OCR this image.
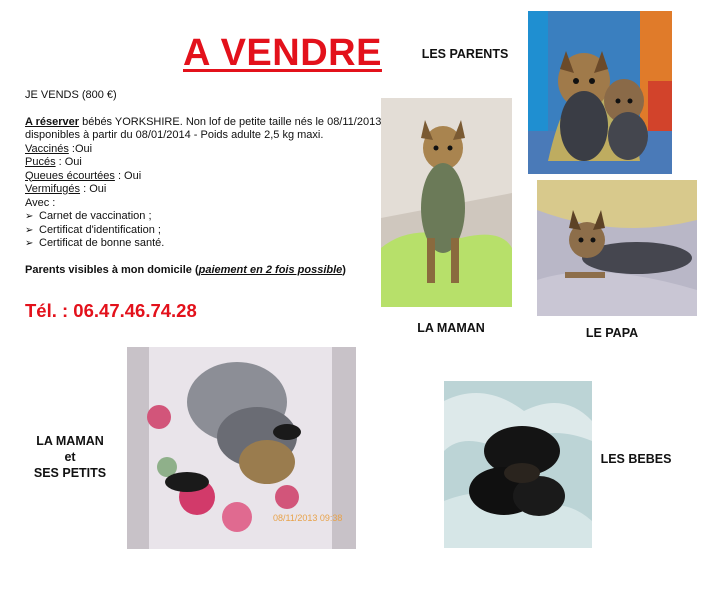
A VENDRE
JE VENDS (800 €)
A réserver bébés YORKSHIRE. Non lof de petite taille nés le 08/11/2013
disponibles à partir du 08/01/2014 - Poids adulte 2,5 kg maxi.
Vaccinés :Oui
Pucés : Oui
Queues écourtées : Oui
Vermifugés : Oui
Avec :
➢ Carnet de vaccination ;
➢ Certificat d'identification ;
➢ Certificat de bonne santé.
Parents visibles à mon domicile (paiement en 2 fois possible)
Tél. : 06.47.46.74.28
LES PARENTS
LA MAMAN	LE PAPA
LA MAMAN
et
SES PETITS
LES BEBES
08/11/2013 09:38
